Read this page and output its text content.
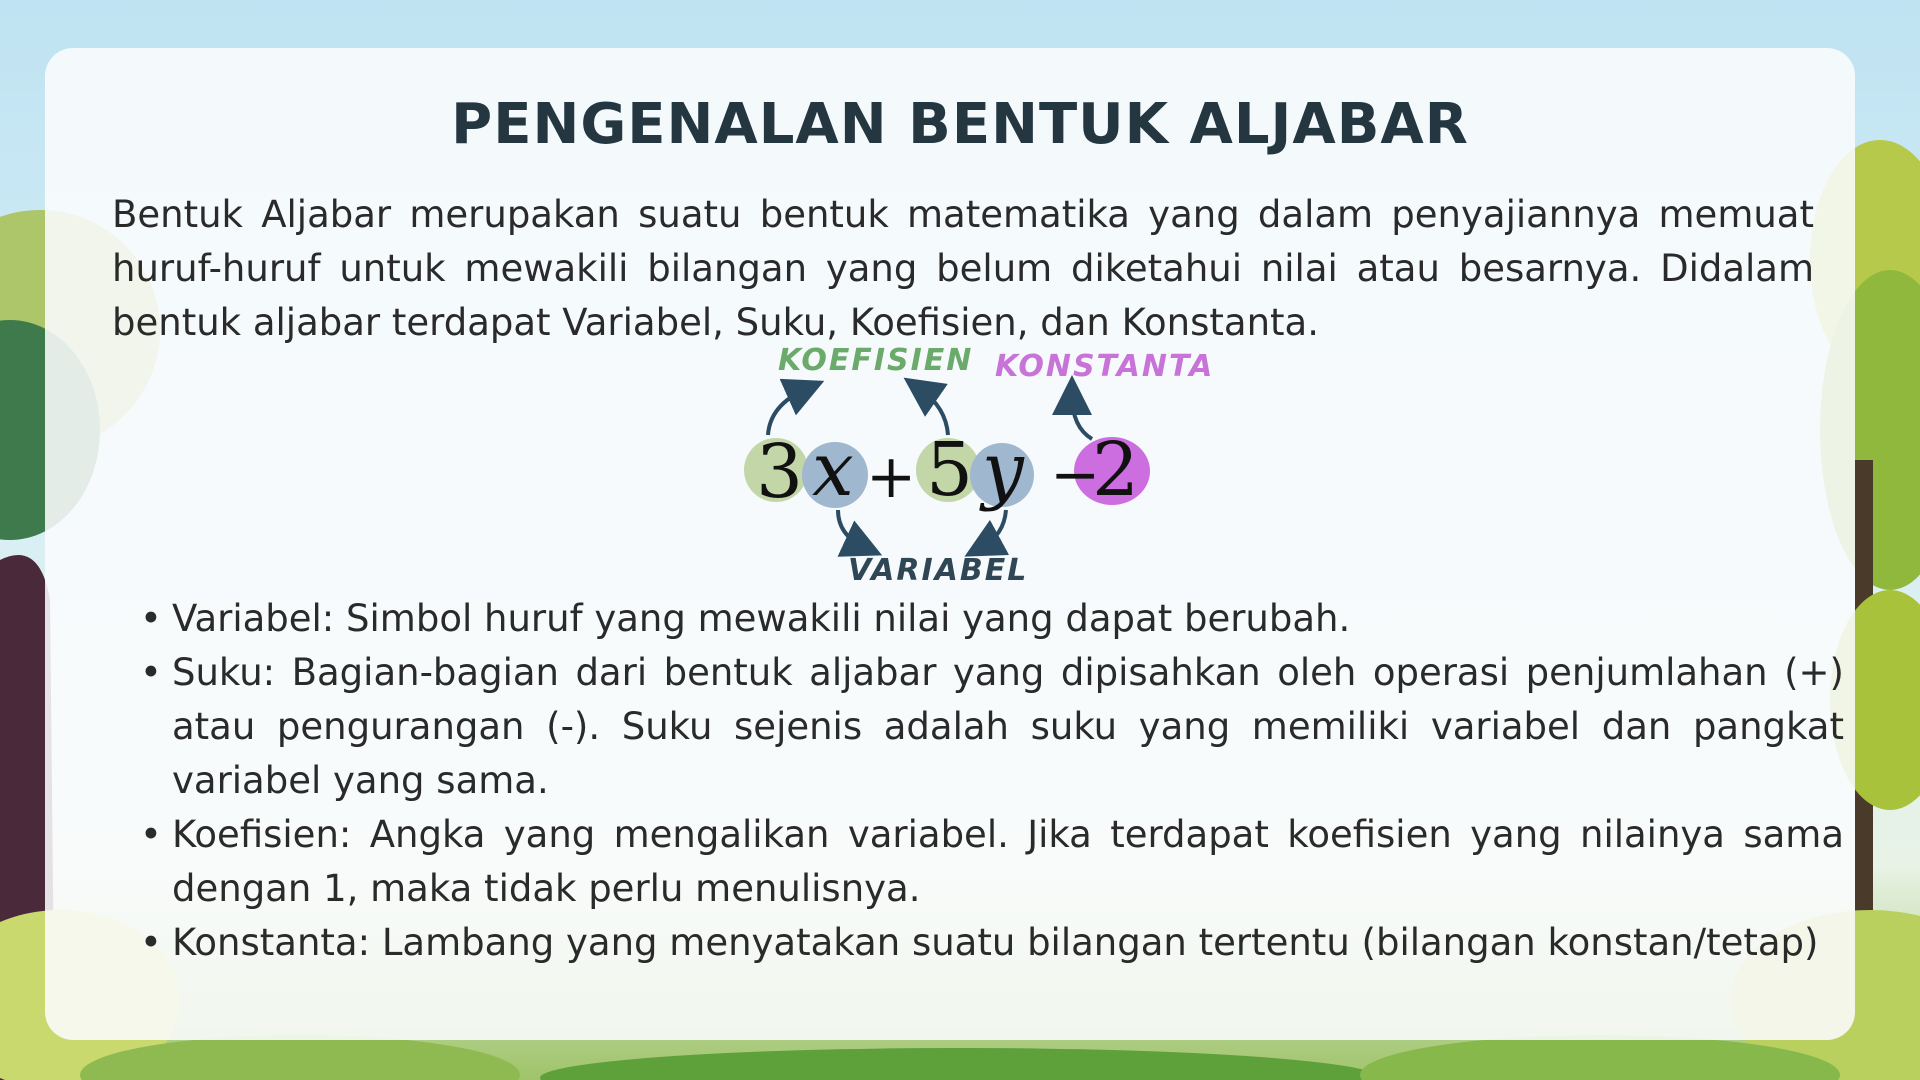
PENGENALAN BENTUK ALJABAR

Bentuk Aljabar merupakan suatu bentuk matematika yang dalam penyajiannya memuat huruf-huruf untuk mewakili bilangan yang belum diketahui nilai atau besarnya. Didalam bentuk aljabar terdapat Variabel, Suku, Koefisien, dan Konstanta.

3 x + 5 y −
2
KOEFISIEN KONSTANTA
VARIABEL
• Variabel: Simbol huruf yang mewakili nilai yang dapat berubah.
• Suku: Bagian-bagian dari bentuk aljabar yang dipisahkan oleh operasi penjumlahan (+) atau pengurangan (-). Suku sejenis adalah suku yang memiliki variabel dan pangkat variabel yang sama.
• Koefisien: Angka yang mengalikan variabel. Jika terdapat koefisien yang nilainya sama dengan 1, maka tidak perlu menulisnya.
• Konstanta: Lambang yang menyatakan suatu bilangan tertentu (bilangan konstan/tetap)
